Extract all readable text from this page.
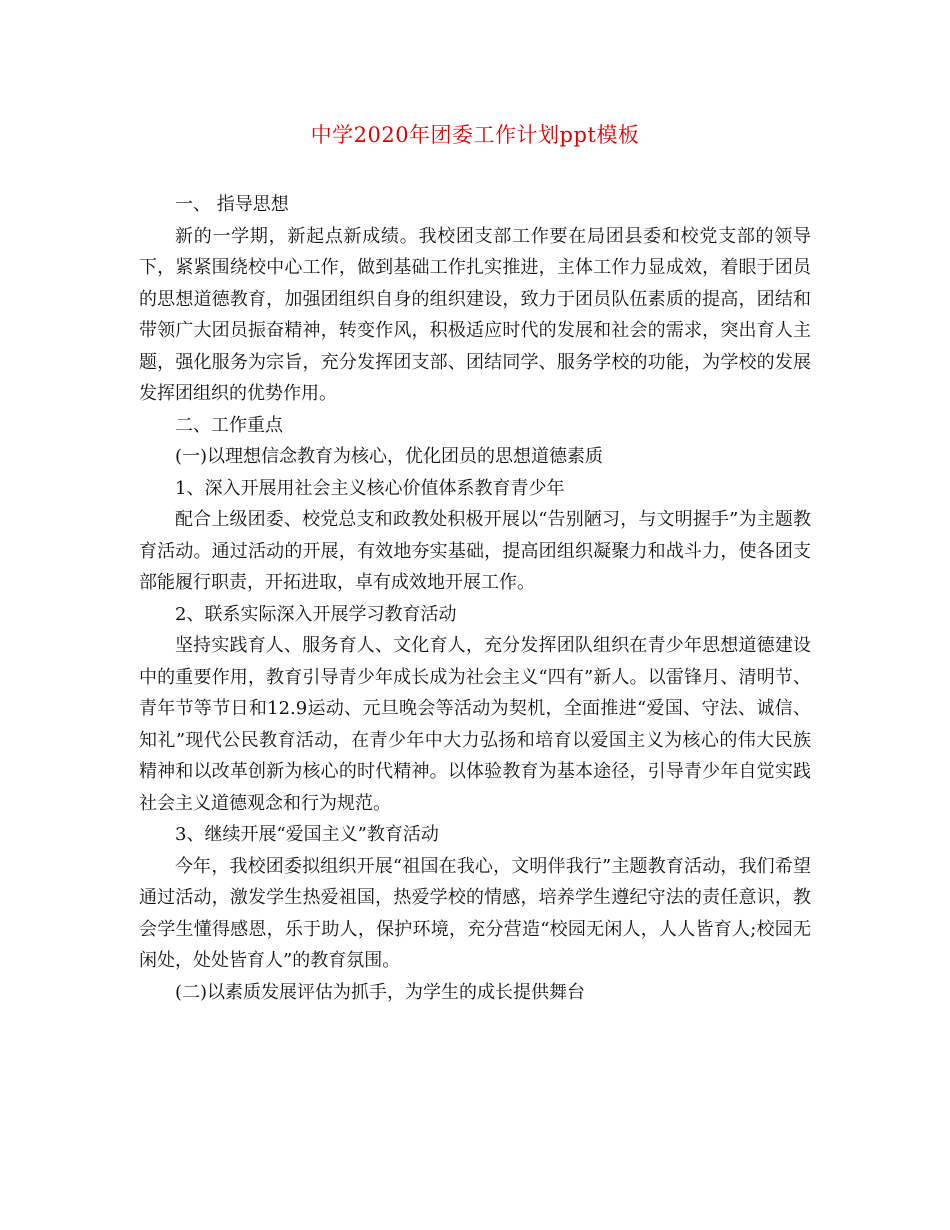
中学2020年团委工作计划ppt模板

一、 指导思想

新的一学期，新起点新成绩。我校团支部工作要在局团县委和校党支部的领导下，紧紧围绕校中心工作，做到基础工作扎实推进，主体工作力显成效，着眼于团员的思想道德教育，加强团组织自身的组织建设，致力于团员队伍素质的提高，团结和带领广大团员振奋精神，转变作风，积极适应时代的发展和社会的需求，突出育人主题，强化服务为宗旨，充分发挥团支部、团结同学、服务学校的功能，为学校的发展发挥团组织的优势作用。

二、工作重点

(一)以理想信念教育为核心，优化团员的思想道德素质

1、深入开展用社会主义核心价值体系教育青少年

配合上级团委、校党总支和政教处积极开展以“告别陋习，与文明握手”为主题教育活动。通过活动的开展，有效地夯实基础，提高团组织凝聚力和战斗力，使各团支部能履行职责，开拓进取，卓有成效地开展工作。

2、联系实际深入开展学习教育活动

坚持实践育人、服务育人、文化育人，充分发挥团队组织在青少年思想道德建设中的重要作用，教育引导青少年成长成为社会主义“四有”新人。以雷锋月、清明节、青年节等节日和12.9运动、元旦晚会等活动为契机，全面推进“爱国、守法、诚信、知礼”现代公民教育活动，在青少年中大力弘扬和培育以爱国主义为核心的伟大民族精神和以改革创新为核心的时代精神。以体验教育为基本途径，引导青少年自觉实践社会主义道德观念和行为规范。

3、继续开展“爱国主义”教育活动

今年，我校团委拟组织开展“祖国在我心，文明伴我行”主题教育活动，我们希望通过活动，激发学生热爱祖国，热爱学校的情感，培养学生遵纪守法的责任意识，教会学生懂得感恩，乐于助人，保护环境，充分营造“校园无闲人，人人皆育人;校园无闲处，处处皆育人”的教育氛围。

(二)以素质发展评估为抓手，为学生的成长提供舞台
